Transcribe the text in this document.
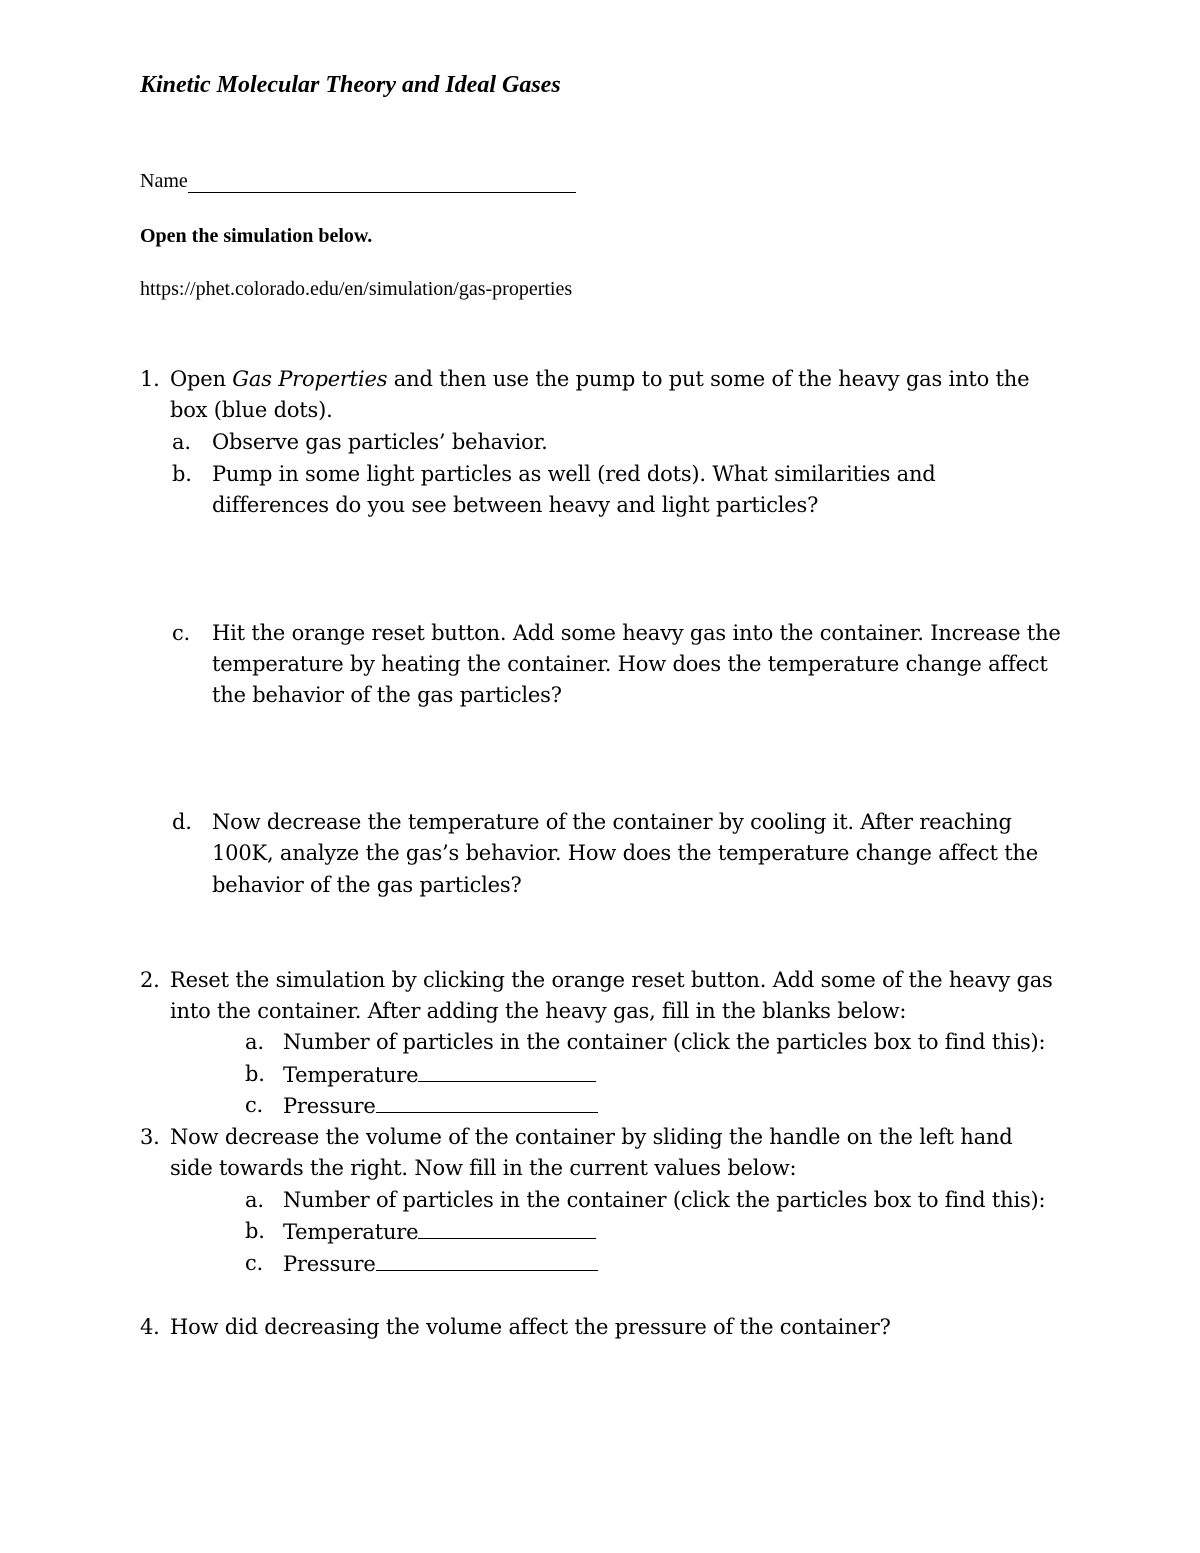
Kinetic Molecular Theory and Ideal Gases
Name
Open the simulation below.
https://phet.colorado.edu/en/simulation/gas-properties
1. Open Gas Properties and then use the pump to put some of the heavy gas into the
box (blue dots).
a. Observe gas particles’ behavior.
b. Pump in some light particles as well (red dots). What similarities and
differences do you see between heavy and light particles?
c. Hit the orange reset button. Add some heavy gas into the container. Increase the
temperature by heating the container. How does the temperature change affect
the behavior of the gas particles?
d. Now decrease the temperature of the container by cooling it. After reaching
100K, analyze the gas’s behavior. How does the temperature change affect the
behavior of the gas particles?
2. Reset the simulation by clicking the orange reset button. Add some of the heavy gas
into the container. After adding the heavy gas, fill in the blanks below:
a. Number of particles in the container (click the particles box to find this):
b. Temperature
c. Pressure
3. Now decrease the volume of the container by sliding the handle on the left hand
side towards the right. Now fill in the current values below:
a. Number of particles in the container (click the particles box to find this):
b. Temperature
c. Pressure
4. How did decreasing the volume affect the pressure of the container?
